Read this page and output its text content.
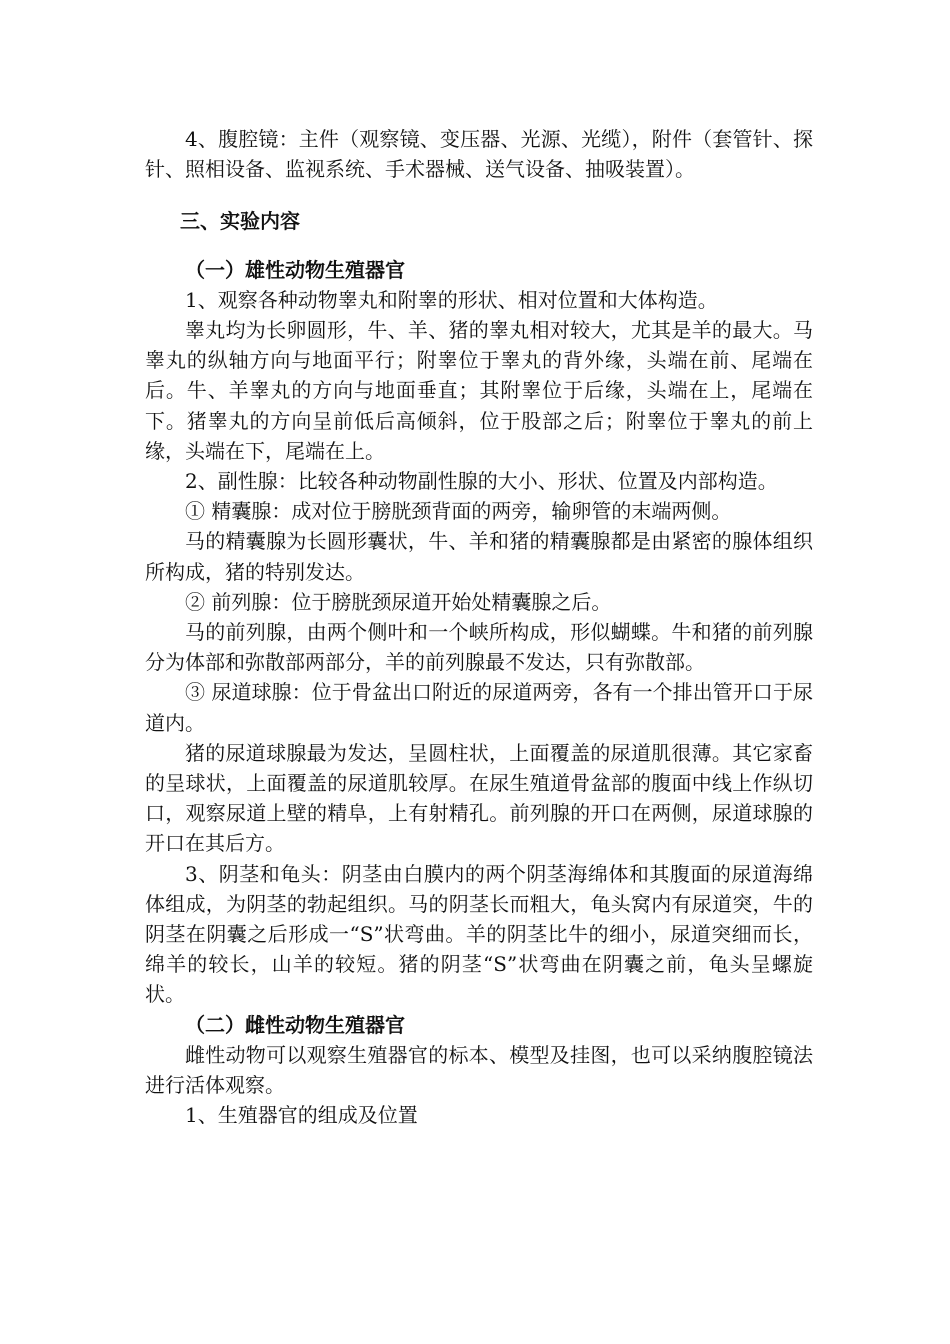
4、腹腔镜：主件（观察镜、变压器、光源、光缆），附件（套管针、探针、照相设备、监视系统、手术器械、送气设备、抽吸装置）。

三、实验内容

（一）雄性动物生殖器官

1、观察各种动物睾丸和附睾的形状、相对位置和大体构造。

睾丸均为长卵圆形，牛、羊、猪的睾丸相对较大，尤其是羊的最大。马睾丸的纵轴方向与地面平行；附睾位于睾丸的背外缘，头端在前、尾端在后。牛、羊睾丸的方向与地面垂直；其附睾位于后缘，头端在上，尾端在下。猪睾丸的方向呈前低后高倾斜，位于股部之后；附睾位于睾丸的前上缘，头端在下，尾端在上。

2、副性腺：比较各种动物副性腺的大小、形状、位置及内部构造。

① 精囊腺：成对位于膀胱颈背面的两旁，输卵管的末端两侧。

马的精囊腺为长圆形囊状，牛、羊和猪的精囊腺都是由紧密的腺体组织所构成，猪的特别发达。

② 前列腺：位于膀胱颈尿道开始处精囊腺之后。

马的前列腺，由两个侧叶和一个峡所构成，形似蝴蝶。牛和猪的前列腺分为体部和弥散部两部分，羊的前列腺最不发达，只有弥散部。

③ 尿道球腺：位于骨盆出口附近的尿道两旁，各有一个排出管开口于尿道内。

猪的尿道球腺最为发达，呈圆柱状，上面覆盖的尿道肌很薄。其它家畜的呈球状，上面覆盖的尿道肌较厚。在尿生殖道骨盆部的腹面中线上作纵切口，观察尿道上壁的精阜，上有射精孔。前列腺的开口在两侧，尿道球腺的开口在其后方。

3、阴茎和龟头：阴茎由白膜内的两个阴茎海绵体和其腹面的尿道海绵体组成，为阴茎的勃起组织。马的阴茎长而粗大，龟头窝内有尿道突，牛的阴茎在阴囊之后形成一“S”状弯曲。羊的阴茎比牛的细小，尿道突细而长，绵羊的较长，山羊的较短。猪的阴茎“S”状弯曲在阴囊之前，龟头呈螺旋状。

（二）雌性动物生殖器官

雌性动物可以观察生殖器官的标本、模型及挂图，也可以采纳腹腔镜法进行活体观察。

1、生殖器官的组成及位置
